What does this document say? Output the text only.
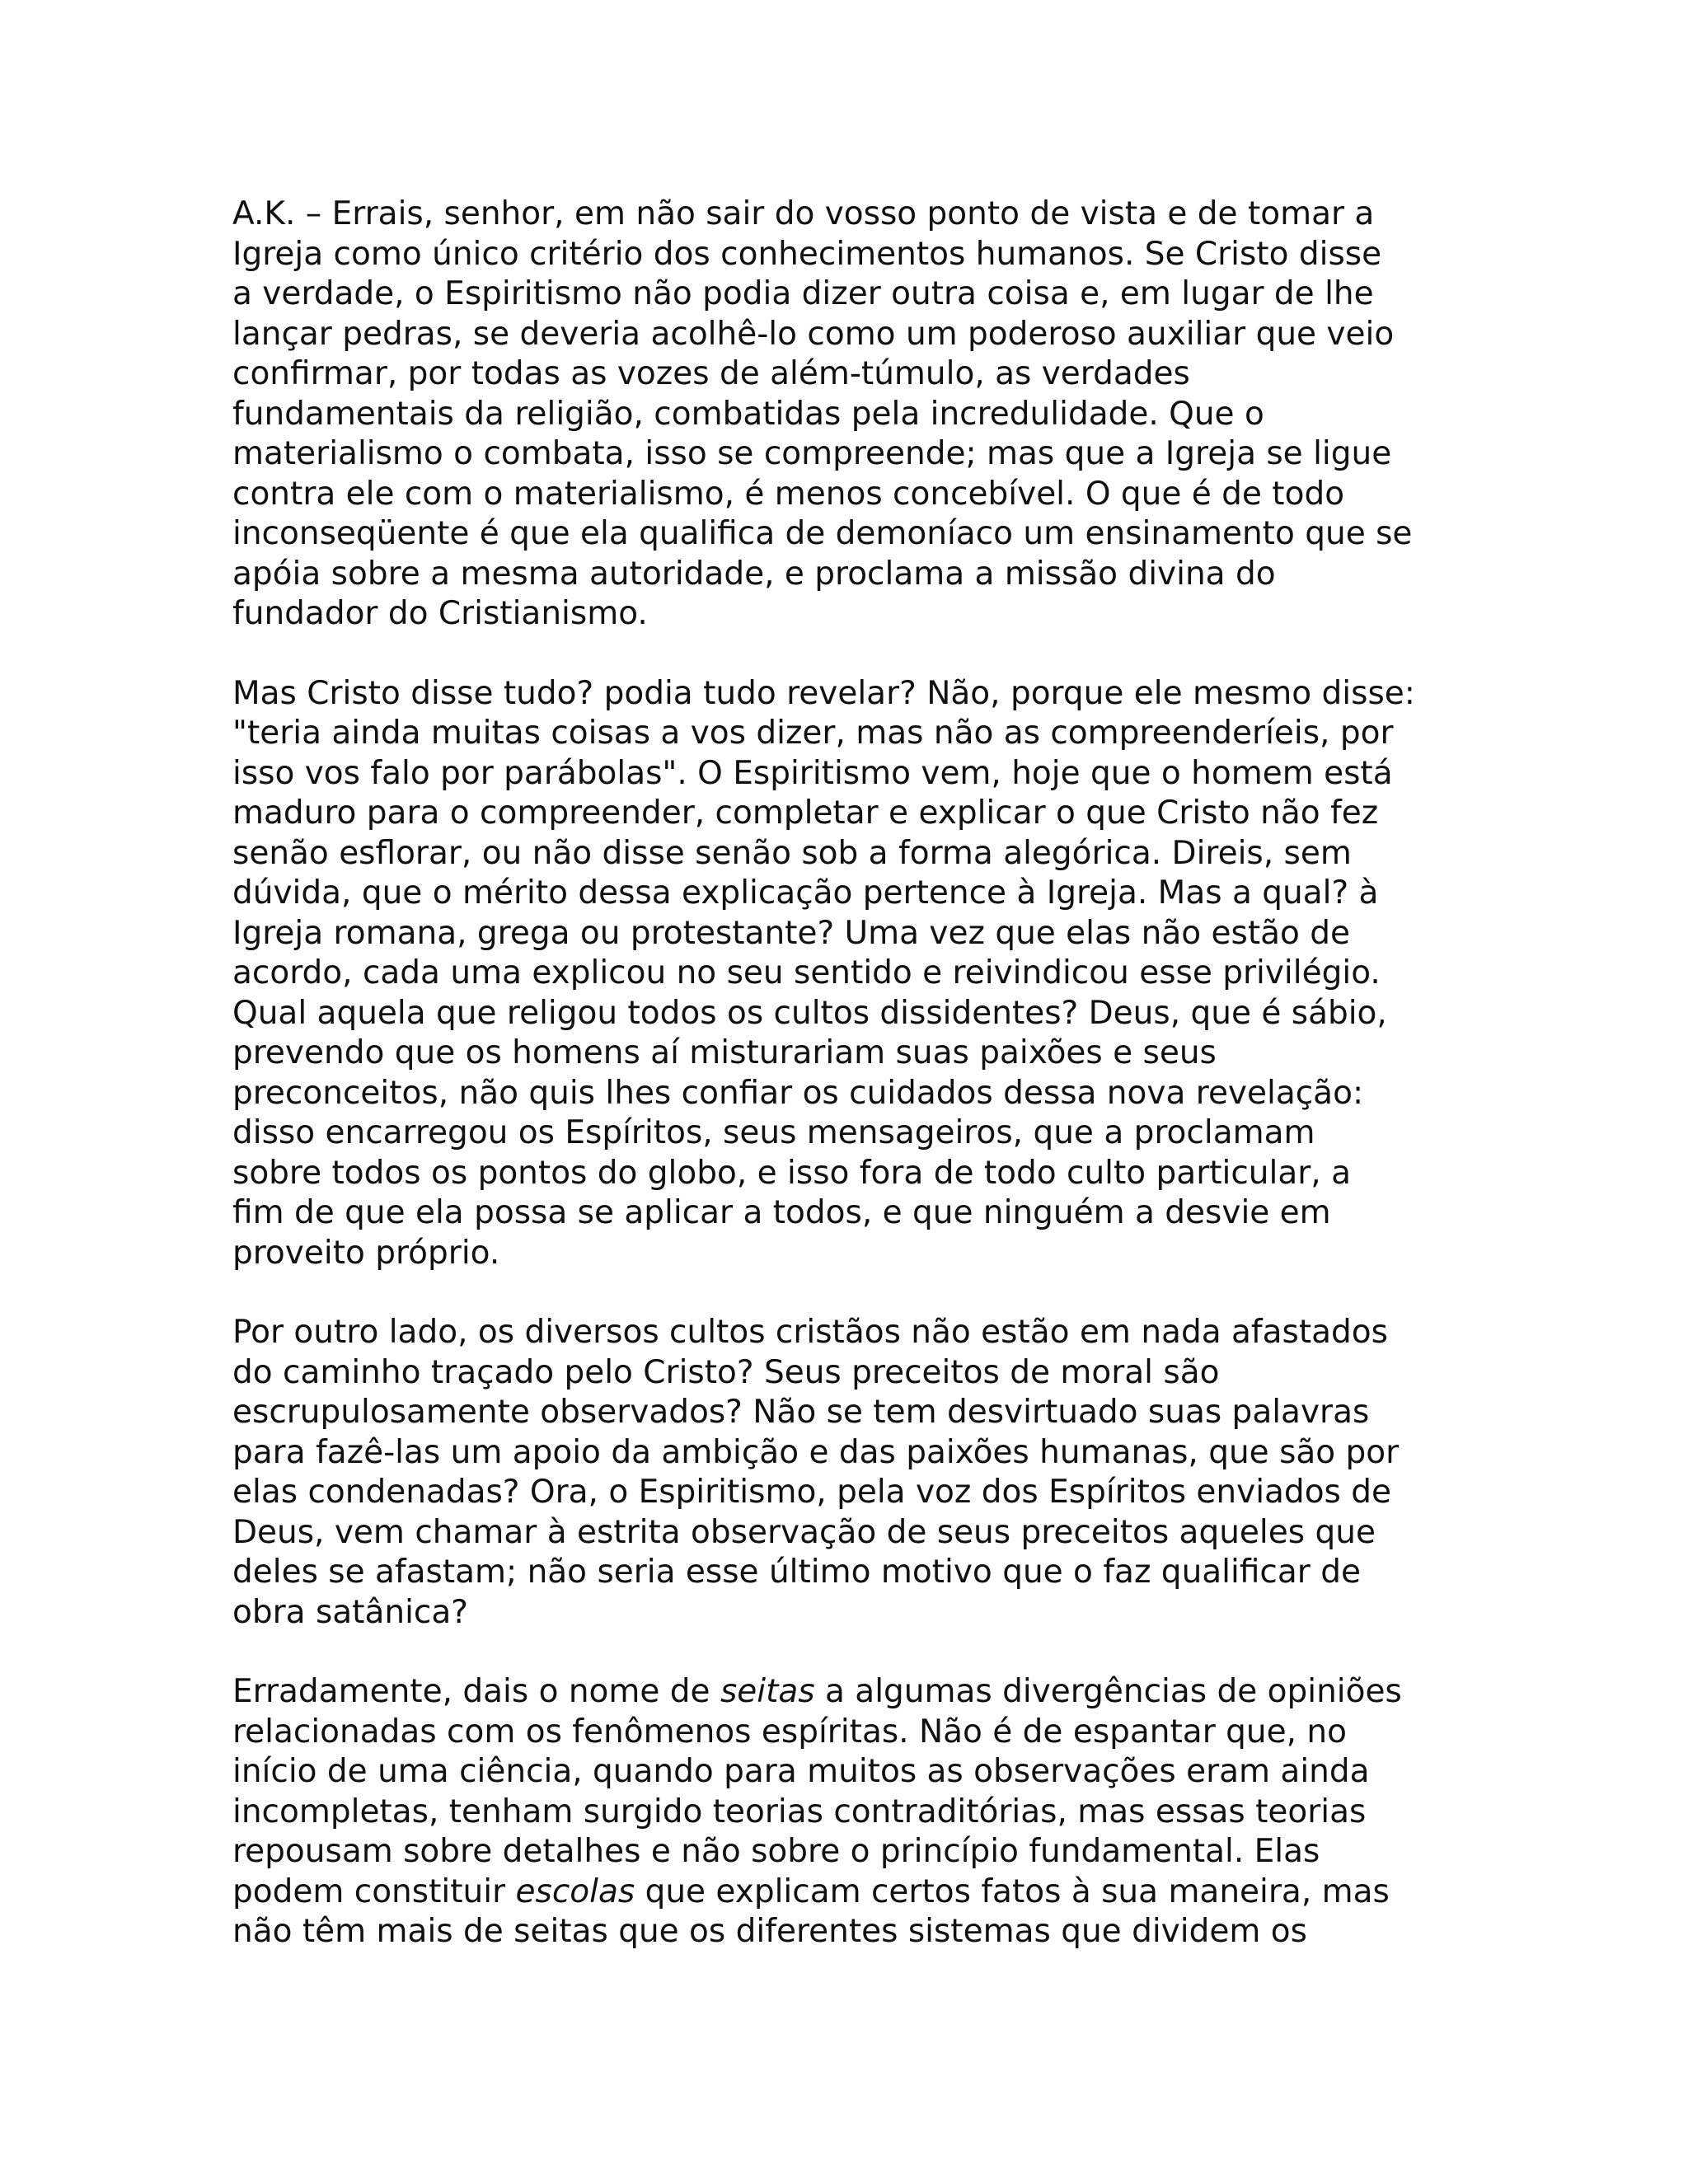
A.K. – Errais, senhor, em não sair do vosso ponto de vista e de tomar a
Igreja como único critério dos conhecimentos humanos. Se Cristo disse
a verdade, o Espiritismo não podia dizer outra coisa e, em lugar de lhe
lançar pedras, se deveria acolhê-lo como um poderoso auxiliar que veio
confirmar, por todas as vozes de além-túmulo, as verdades
fundamentais da religião, combatidas pela incredulidade. Que o
materialismo o combata, isso se compreende; mas que a Igreja se ligue
contra ele com o materialismo, é menos concebível. O que é de todo
inconseqüente é que ela qualifica de demoníaco um ensinamento que se
apóia sobre a mesma autoridade, e proclama a missão divina do
fundador do Cristianismo.

Mas Cristo disse tudo? podia tudo revelar? Não, porque ele mesmo disse:
"teria ainda muitas coisas a vos dizer, mas não as compreenderíeis, por
isso vos falo por parábolas". O Espiritismo vem, hoje que o homem está
maduro para o compreender, completar e explicar o que Cristo não fez
senão esflorar, ou não disse senão sob a forma alegórica. Direis, sem
dúvida, que o mérito dessa explicação pertence à Igreja. Mas a qual? à
Igreja romana, grega ou protestante? Uma vez que elas não estão de
acordo, cada uma explicou no seu sentido e reivindicou esse privilégio.
Qual aquela que religou todos os cultos dissidentes? Deus, que é sábio,
prevendo que os homens aí misturariam suas paixões e seus
preconceitos, não quis lhes confiar os cuidados dessa nova revelação:
disso encarregou os Espíritos, seus mensageiros, que a proclamam
sobre todos os pontos do globo, e isso fora de todo culto particular, a
fim de que ela possa se aplicar a todos, e que ninguém a desvie em
proveito próprio.

Por outro lado, os diversos cultos cristãos não estão em nada afastados
do caminho traçado pelo Cristo? Seus preceitos de moral são
escrupulosamente observados? Não se tem desvirtuado suas palavras
para fazê-las um apoio da ambição e das paixões humanas, que são por
elas condenadas? Ora, o Espiritismo, pela voz dos Espíritos enviados de
Deus, vem chamar à estrita observação de seus preceitos aqueles que
deles se afastam; não seria esse último motivo que o faz qualificar de
obra satânica?

Erradamente, dais o nome de seitas a algumas divergências de opiniões
relacionadas com os fenômenos espíritas. Não é de espantar que, no
início de uma ciência, quando para muitos as observações eram ainda
incompletas, tenham surgido teorias contraditórias, mas essas teorias
repousam sobre detalhes e não sobre o princípio fundamental. Elas
podem constituir escolas que explicam certos fatos à sua maneira, mas
não têm mais de seitas que os diferentes sistemas que dividem os
